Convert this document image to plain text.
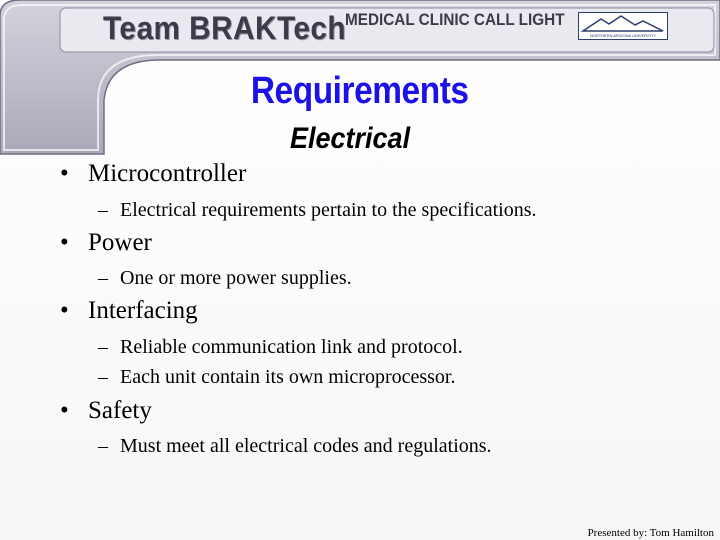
Team BRAKTech
MEDICAL CLINIC CALL LIGHT
NORTHERN ARIZONA UNIVERSITY
Requirements
Electrical
• Microcontroller
– Electrical requirements pertain to the specifications.
• Power
– One or more power supplies.
• Interfacing
– Reliable communication link and protocol.
– Each unit contain its own microprocessor.
• Safety
– Must meet all electrical codes and regulations.
Presented by: Tom Hamilton
